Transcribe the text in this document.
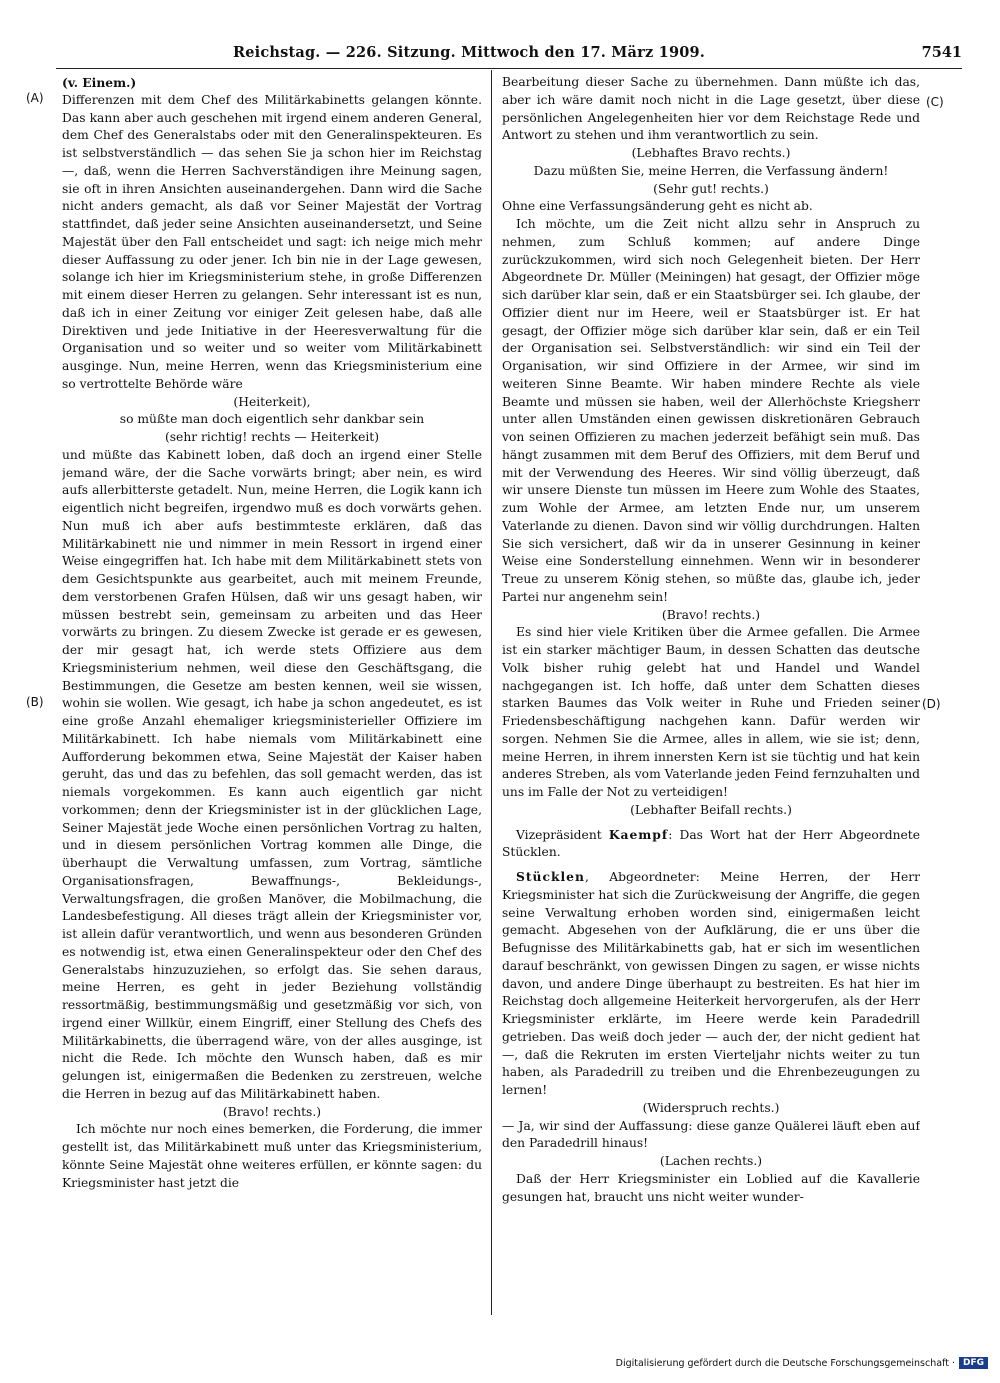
Reichstag. — 226. Sitzung. Mittwoch den 17. März 1909.	7541
(A)
(B)
(C)
(D)

(v. Einem.)

Differenzen mit dem Chef des Militärkabinetts gelangen könnte. Das kann aber auch geschehen mit irgend einem anderen General, dem Chef des Generalstabs oder mit den Generalinspekteuren. Es ist selbstverständlich — das sehen Sie ja schon hier im Reichstag —, daß, wenn die Herren Sachverständigen ihre Meinung sagen, sie oft in ihren Ansichten auseinandergehen. Dann wird die Sache nicht anders gemacht, als daß vor Seiner Majestät der Vortrag stattfindet, daß jeder seine Ansichten auseinandersetzt, und Seine Majestät über den Fall entscheidet und sagt: ich neige mich mehr dieser Auffassung zu oder jener. Ich bin nie in der Lage gewesen, solange ich hier im Kriegsministerium stehe, in große Differenzen mit einem dieser Herren zu gelangen. Sehr interessant ist es nun, daß ich in einer Zeitung vor einiger Zeit gelesen habe, daß alle Direktiven und jede Initiative in der Heeresverwaltung für die Organisation und so weiter und so weiter vom Militärkabinett ausginge. Nun, meine Herren, wenn das Kriegsministerium eine so vertrottelte Behörde wäre

(Heiterkeit),

so müßte man doch eigentlich sehr dankbar sein

(sehr richtig! rechts — Heiterkeit)

und müßte das Kabinett loben, daß doch an irgend einer Stelle jemand wäre, der die Sache vorwärts bringt; aber nein, es wird aufs allerbitterste getadelt. Nun, meine Herren, die Logik kann ich eigentlich nicht begreifen, irgendwo muß es doch vorwärts gehen. Nun muß ich aber aufs bestimmteste erklären, daß das Militärkabinett nie und nimmer in mein Ressort in irgend einer Weise eingegriffen hat. Ich habe mit dem Militärkabinett stets von dem Gesichtspunkte aus gearbeitet, auch mit meinem Freunde, dem verstorbenen Grafen Hülsen, daß wir uns gesagt haben, wir müssen bestrebt sein, gemeinsam zu arbeiten und das Heer vorwärts zu bringen. Zu diesem Zwecke ist gerade er es gewesen, der mir gesagt hat, ich werde stets Offiziere aus dem Kriegsministerium nehmen, weil diese den Geschäftsgang, die Bestimmungen, die Gesetze am besten kennen, weil sie wissen, wohin sie wollen. Wie gesagt, ich habe ja schon angedeutet, es ist eine große Anzahl ehemaliger kriegsministerieller Offiziere im Militärkabinett. Ich habe niemals vom Militärkabinett eine Aufforderung bekommen etwa, Seine Majestät der Kaiser haben geruht, das und das zu befehlen, das soll gemacht werden, das ist niemals vorgekommen. Es kann auch eigentlich gar nicht vorkommen; denn der Kriegsminister ist in der glücklichen Lage, Seiner Majestät jede Woche einen persönlichen Vortrag zu halten, und in diesem persönlichen Vortrag kommen alle Dinge, die überhaupt die Verwaltung umfassen, zum Vortrag, sämtliche Organisationsfragen, Bewaffnungs-, Bekleidungs-, Verwaltungsfragen, die großen Manöver, die Mobilmachung, die Landesbefestigung. All dieses trägt allein der Kriegsminister vor, ist allein dafür verantwortlich, und wenn aus besonderen Gründen es notwendig ist, etwa einen Generalinspekteur oder den Chef des Generalstabs hinzuzuziehen, so erfolgt das. Sie sehen daraus, meine Herren, es geht in jeder Beziehung vollständig ressortmäßig, bestimmungsmäßig und gesetzmäßig vor sich, von irgend einer Willkür, einem Eingriff, einer Stellung des Chefs des Militärkabinetts, die überragend wäre, von der alles ausginge, ist nicht die Rede. Ich möchte den Wunsch haben, daß es mir gelungen ist, einigermaßen die Bedenken zu zerstreuen, welche die Herren in bezug auf das Militärkabinett haben.

(Bravo! rechts.)

Ich möchte nur noch eines bemerken, die Forderung, die immer gestellt ist, das Militärkabinett muß unter das Kriegsministerium, könnte Seine Majestät ohne weiteres erfüllen, er könnte sagen: du Kriegsminister hast jetzt die

Bearbeitung dieser Sache zu übernehmen. Dann müßte ich das, aber ich wäre damit noch nicht in die Lage gesetzt, über diese persönlichen Angelegenheiten hier vor dem Reichstage Rede und Antwort zu stehen und ihm verantwortlich zu sein.

(Lebhaftes Bravo rechts.)

Dazu müßten Sie, meine Herren, die Verfassung ändern!

(Sehr gut! rechts.)

Ohne eine Verfassungsänderung geht es nicht ab.

Ich möchte, um die Zeit nicht allzu sehr in Anspruch zu nehmen, zum Schluß kommen; auf andere Dinge zurückzukommen, wird sich noch Gelegenheit bieten. Der Herr Abgeordnete Dr. Müller (Meiningen) hat gesagt, der Offizier möge sich darüber klar sein, daß er ein Staatsbürger sei. Ich glaube, der Offizier dient nur im Heere, weil er Staatsbürger ist. Er hat gesagt, der Offizier möge sich darüber klar sein, daß er ein Teil der Organisation sei. Selbstverständlich: wir sind ein Teil der Organisation, wir sind Offiziere in der Armee, wir sind im weiteren Sinne Beamte. Wir haben mindere Rechte als viele Beamte und müssen sie haben, weil der Allerhöchste Kriegsherr unter allen Umständen einen gewissen diskretionären Gebrauch von seinen Offizieren zu machen jederzeit befähigt sein muß. Das hängt zusammen mit dem Beruf des Offiziers, mit dem Beruf und mit der Verwendung des Heeres. Wir sind völlig überzeugt, daß wir unsere Dienste tun müssen im Heere zum Wohle des Staates, zum Wohle der Armee, am letzten Ende nur, um unserem Vaterlande zu dienen. Davon sind wir völlig durchdrungen. Halten Sie sich versichert, daß wir da in unserer Gesinnung in keiner Weise eine Sonderstellung einnehmen. Wenn wir in besonderer Treue zu unserem König stehen, so müßte das, glaube ich, jeder Partei nur angenehm sein!

(Bravo! rechts.)

Es sind hier viele Kritiken über die Armee gefallen. Die Armee ist ein starker mächtiger Baum, in dessen Schatten das deutsche Volk bisher ruhig gelebt hat und Handel und Wandel nachgegangen ist. Ich hoffe, daß unter dem Schatten dieses starken Baumes das Volk weiter in Ruhe und Frieden seiner Friedensbeschäftigung nachgehen kann. Dafür werden wir sorgen. Nehmen Sie die Armee, alles in allem, wie sie ist; denn, meine Herren, in ihrem innersten Kern ist sie tüchtig und hat kein anderes Streben, als vom Vaterlande jeden Feind fernzuhalten und uns im Falle der Not zu verteidigen!

(Lebhafter Beifall rechts.)

Vizepräsident Kaempf: Das Wort hat der Herr Abgeordnete Stücklen.

Stücklen, Abgeordneter: Meine Herren, der Herr Kriegsminister hat sich die Zurückweisung der Angriffe, die gegen seine Verwaltung erhoben worden sind, einigermaßen leicht gemacht. Abgesehen von der Aufklärung, die er uns über die Befugnisse des Militärkabinetts gab, hat er sich im wesentlichen darauf beschränkt, von gewissen Dingen zu sagen, er wisse nichts davon, und andere Dinge überhaupt zu bestreiten. Es hat hier im Reichstag doch allgemeine Heiterkeit hervorgerufen, als der Herr Kriegsminister erklärte, im Heere werde kein Paradedrill getrieben. Das weiß doch jeder — auch der, der nicht gedient hat —, daß die Rekruten im ersten Vierteljahr nichts weiter zu tun haben, als Paradedrill zu treiben und die Ehrenbezeugungen zu lernen!

(Widerspruch rechts.)

— Ja, wir sind der Auffassung: diese ganze Quälerei läuft eben auf den Paradedrill hinaus!

(Lachen rechts.)

Daß der Herr Kriegsminister ein Loblied auf die Kavallerie gesungen hat, braucht uns nicht weiter wunder-

Digitalisierung gefördert durch die Deutsche Forschungsgemeinschaft · DFG
